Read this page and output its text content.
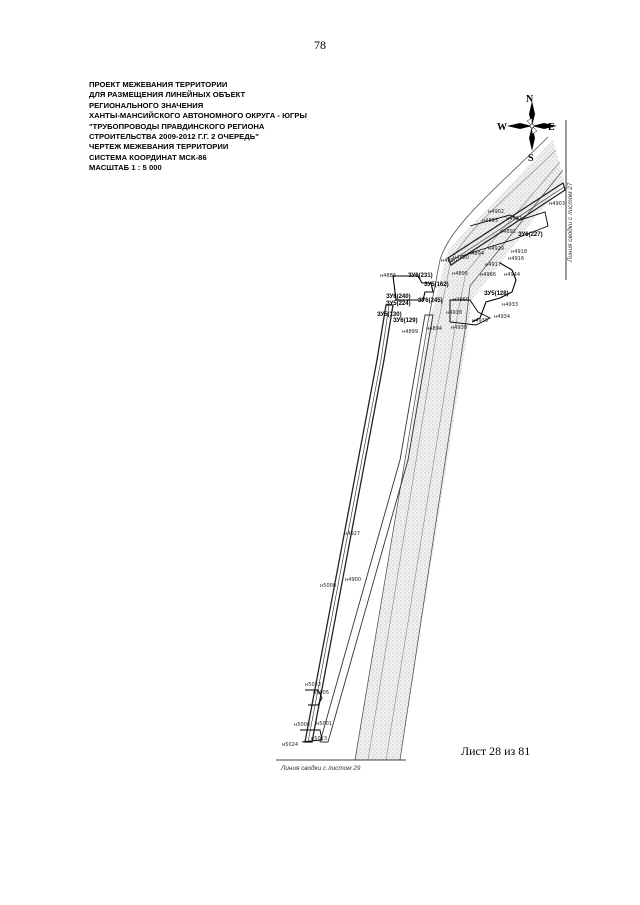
78
ПРОЕКТ МЕЖЕВАНИЯ ТЕРРИТОРИИ
ДЛЯ РАЗМЕЩЕНИЯ ЛИНЕЙНЫХ ОБЪЕКТ
РЕГИОНАЛЬНОГО ЗНАЧЕНИЯ
ХАНТЫ-МАНСИЙСКОГО АВТОНОМНОГО ОКРУГА - ЮГРЫ
"ТРУБОПРОВОДЫ ПРАВДИНСКОГО РЕГИОНА
СТРОИТЕЛЬСТВА 2009-2012 Г.Г. 2 ОЧЕРЕДЬ"
ЧЕРТЕЖ МЕЖЕВАНИЯ ТЕРРИТОРИИ
СИСТЕМА КООРДИНАТ МСК-86
МАСШТАБ 1 : 5 000
Линия сводки с листом 27
Линия сводки с листом 29
N
S
E
W
ЗУ6(227)
ЗУ6(231)
ЗУ5(162)
ЗУ6(240)
ЗУ5(224) ЗУ6(245)
ЗУ5(130)
ЗУ6(129)
ЗУ5(128)
н4902
н4901
н4893
н4892
н4929 н4918
н4894
н4916
н4917
н4890
н4944
н4895 н4966
н4960
н4933
н4938
н4934
н4936
н4930
н4894
н4899
н4886
н4880
н4903
н4927
н4900
н5000
н5022
н5005
н5001
н5006
н5023
н5024	Лист 28 из 81
